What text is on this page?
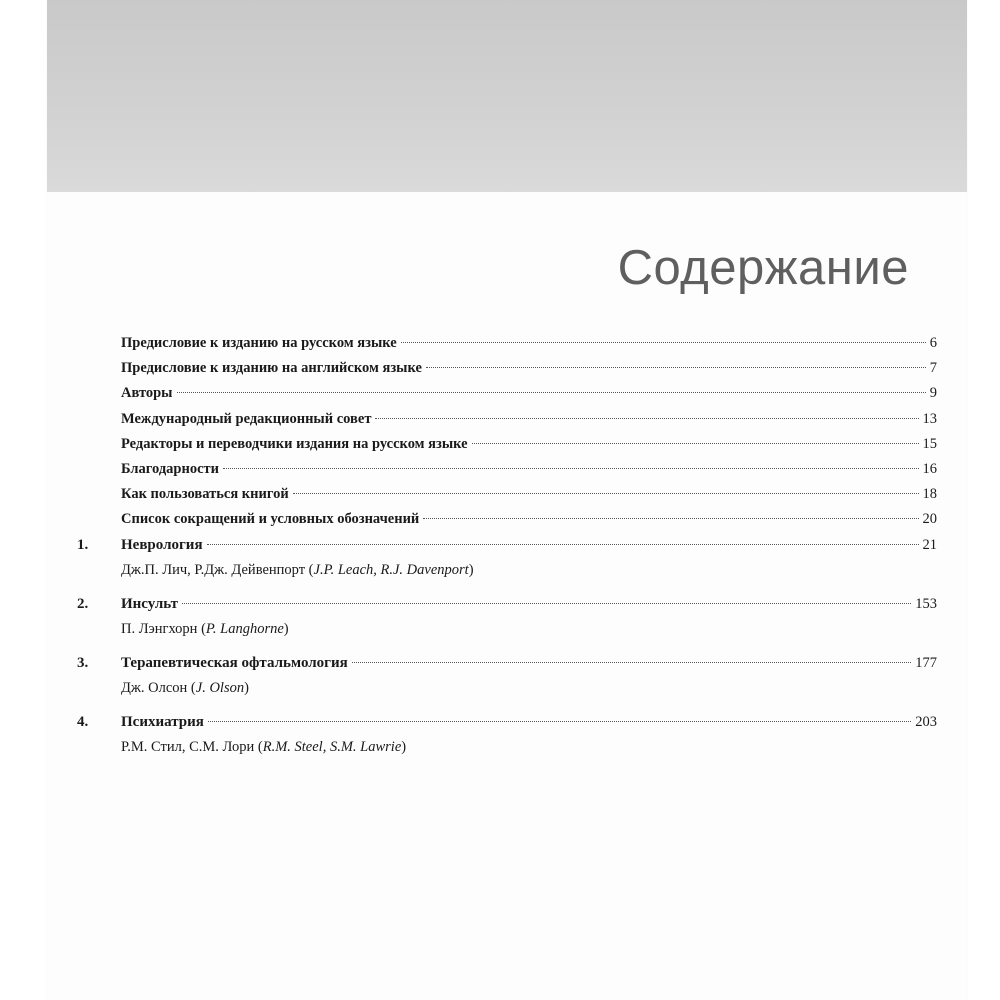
Содержание
Предисловие к изданию на русском языке	6
Предисловие к изданию на английском языке	7
Авторы	9
Международный редакционный совет	13
Редакторы и переводчики издания на русском языке	15
Благодарности	16
Как пользоваться книгой	18
Список сокращений и условных обозначений	20
1.	Неврология	21
Дж.П. Лич, Р.Дж. Дейвенпорт (J.P. Leach, R.J. Davenport)
2.	Инсульт	153
П. Лэнгхорн (P. Langhorne)
3.	Терапевтическая офтальмология	177
Дж. Олсон (J. Olson)
4.	Психиатрия	203
Р.М. Стил, С.М. Лори (R.M. Steel, S.M. Lawrie)
